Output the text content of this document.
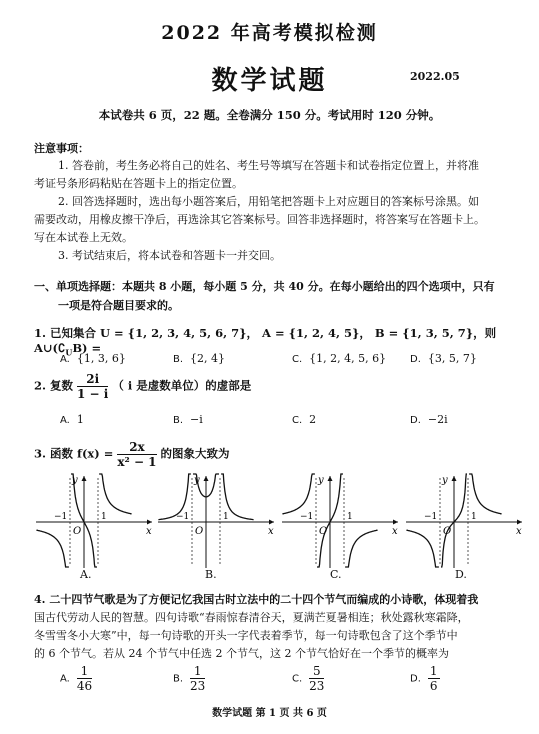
2022 年高考模拟检测
数学试题	2022.05
本试卷共 6 页，22 题。全卷满分 150 分。考试用时 120 分钟。
注意事项：
1. 答卷前，考生务必将自己的姓名、考生号等填写在答题卡和试卷指定位置上，并将准
考证号条形码粘贴在答题卡上的指定位置。
2. 回答选择题时，选出每小题答案后，用铅笔把答题卡上对应题目的答案标号涂黑。如
需要改动，用橡皮擦干净后，再选涂其它答案标号。回答非选择题时，将答案写在答题卡上。
写在本试卷上无效。
3. 考试结束后，将本试卷和答题卡一并交回。
一、单项选择题：本题共 8 小题，每小题 5 分，共 40 分。在每小题给出的四个选项中，只有
一项是符合题目要求的。
1. 已知集合 U = {1, 2, 3, 4, 5, 6, 7}， A = {1, 2, 4, 5}， B = {1, 3, 5, 7}，则 $A\cup(∁_UB)$ =
A. {1, 3, 6}	B. {2, 4}	C. {1, 2, 4, 5, 6} D. {3, 5, 7}
2. 复数 $\frac{2i}{1 - i}$ （ i 是虚数单位）的虚部是
A. 1	B. −i	C. 2	D. −2i
3. 函数 $f(x) = \frac{2x}{\text{x² − 1}}$ 的图象大致为
x
y
O
−1	1
x
y
O
−1	1
x
y
O
−1	1
x
y
O
−1	1
A.	B.	C.	D.
4. 二十四节气歌是为了方便记忆我国古时立法中的二十四个节气而编成的小诗歌，体现着我
国古代劳动人民的智慧。四句诗歌“春雨惊春清谷天，夏满芒夏暑相连；秋处露秋寒霜降，
冬雪雪冬小大寒”中，每一句诗歌的开头一字代表着季节，每一句诗歌包含了这个季节中
的 6 个节气。若从 24 个节气中任选 2 个节气，这 2 个节气恰好在一个季节的概率为
A. $\frac{1}{46}$	B. $\frac{1}{23}$	C. $\frac{5}{23}$	D. $\frac{1}{6}$
数学试题 第 1 页 共 6 页
